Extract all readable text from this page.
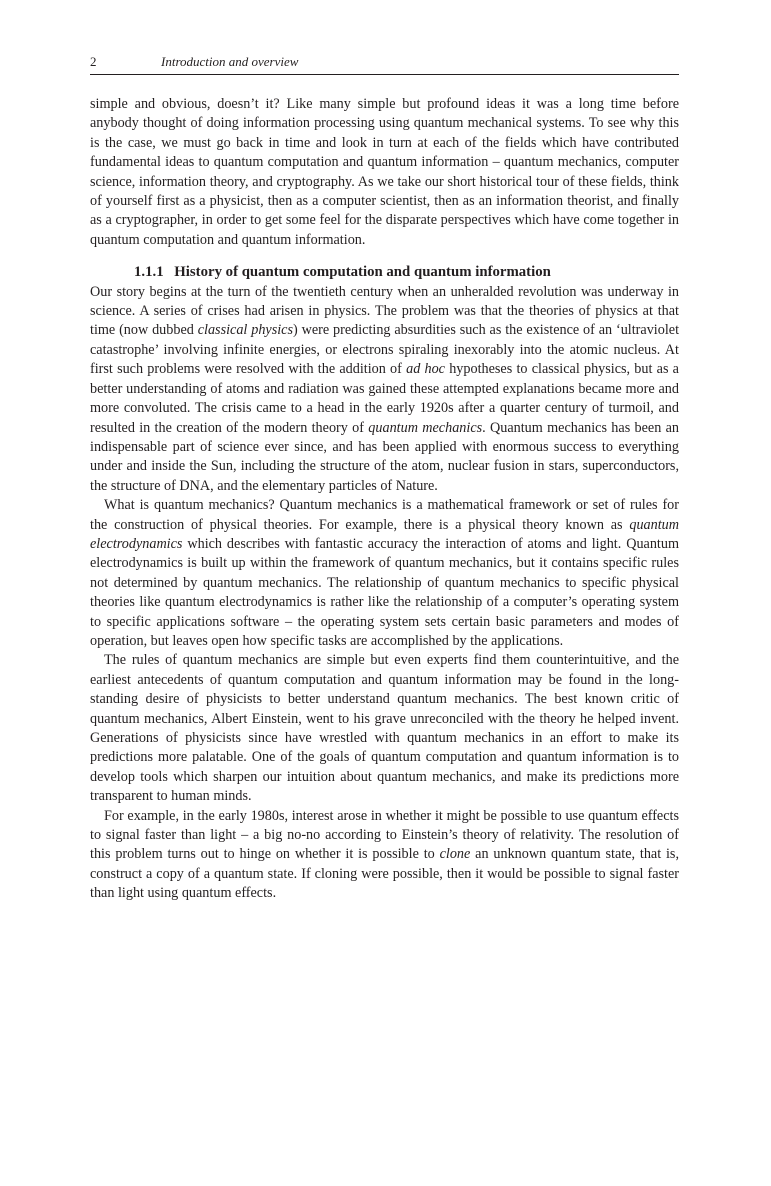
2	Introduction and overview

simple and obvious, doesn’t it? Like many simple but profound ideas it was a long time before anybody thought of doing information processing using quantum mechanical systems. To see why this is the case, we must go back in time and look in turn at each of the fields which have contributed fundamental ideas to quantum computation and quantum information – quantum mechanics, computer science, information theory, and cryptography. As we take our short historical tour of these fields, think of yourself first as a physicist, then as a computer scientist, then as an information theorist, and finally as a cryptographer, in order to get some feel for the disparate perspectives which have come together in quantum computation and quantum information.

1.1.1 History of quantum computation and quantum information

Our story begins at the turn of the twentieth century when an unheralded revolution was underway in science. A series of crises had arisen in physics. The problem was that the theories of physics at that time (now dubbed classical physics) were predicting absurdities such as the existence of an ‘ultraviolet catastrophe’ involving infinite energies, or electrons spiraling inexorably into the atomic nucleus. At first such problems were resolved with the addition of ad hoc hypotheses to classical physics, but as a better understanding of atoms and radiation was gained these attempted explanations became more and more convoluted. The crisis came to a head in the early 1920s after a quarter century of turmoil, and resulted in the creation of the modern theory of quantum mechanics. Quantum mechanics has been an indispensable part of science ever since, and has been applied with enormous success to everything under and inside the Sun, including the structure of the atom, nuclear fusion in stars, superconductors, the structure of DNA, and the elementary particles of Nature.

What is quantum mechanics? Quantum mechanics is a mathematical framework or set of rules for the construction of physical theories. For example, there is a physical theory known as quantum electrodynamics which describes with fantastic accuracy the interaction of atoms and light. Quantum electrodynamics is built up within the framework of quantum mechanics, but it contains specific rules not determined by quantum mechanics. The relationship of quantum mechanics to specific physical theories like quantum electrodynamics is rather like the relationship of a computer’s operating system to specific applications software – the operating system sets certain basic parameters and modes of operation, but leaves open how specific tasks are accomplished by the applications.

The rules of quantum mechanics are simple but even experts find them counterintuitive, and the earliest antecedents of quantum computation and quantum information may be found in the long-standing desire of physicists to better understand quantum mechanics. The best known critic of quantum mechanics, Albert Einstein, went to his grave unreconciled with the theory he helped invent. Generations of physicists since have wrestled with quantum mechanics in an effort to make its predictions more palatable. One of the goals of quantum computation and quantum information is to develop tools which sharpen our intuition about quantum mechanics, and make its predictions more transparent to human minds.

For example, in the early 1980s, interest arose in whether it might be possible to use quantum effects to signal faster than light – a big no-no according to Einstein’s theory of relativity. The resolution of this problem turns out to hinge on whether it is possible to clone an unknown quantum state, that is, construct a copy of a quantum state. If cloning were possible, then it would be possible to signal faster than light using quantum effects.
